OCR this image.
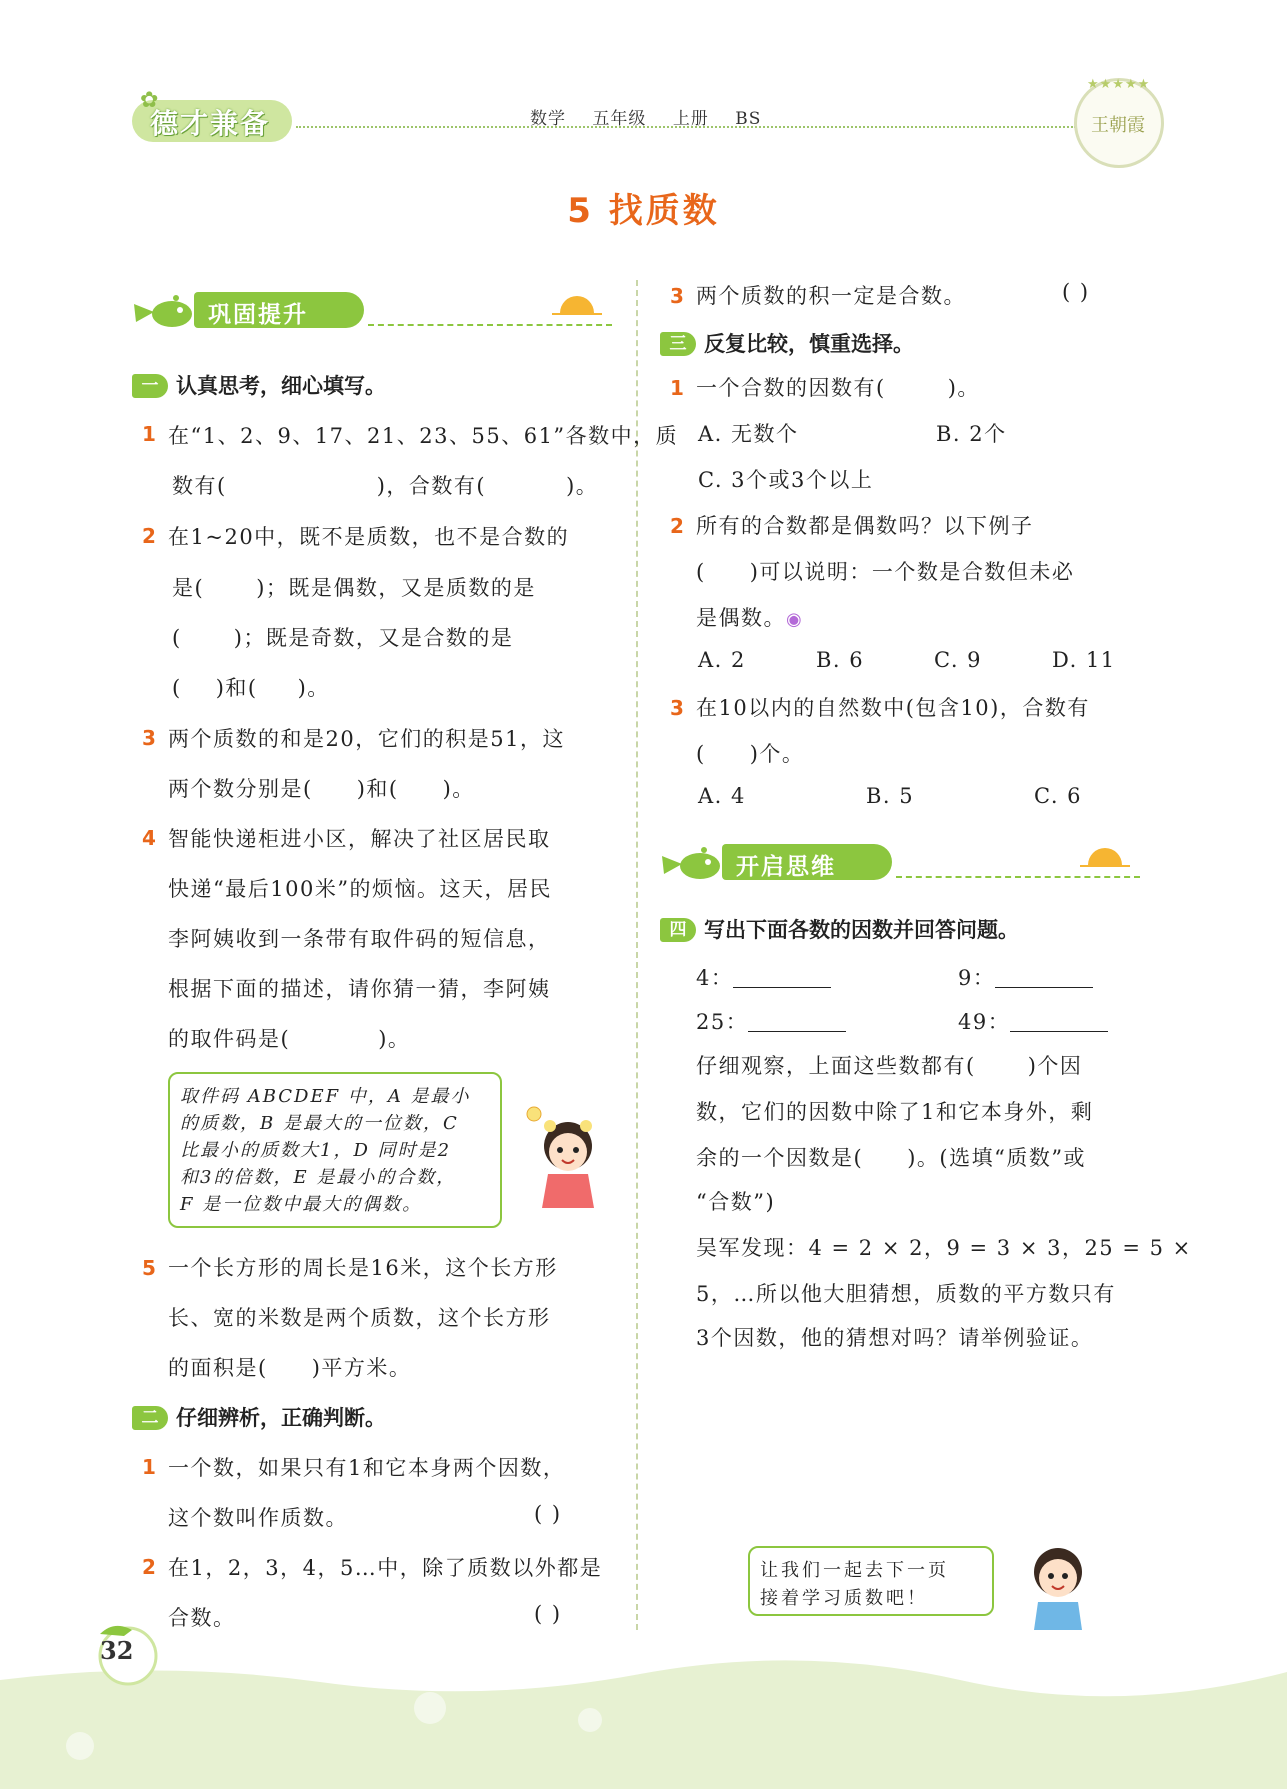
✿
德才兼备	数学 五年级 上册 BS
★★★★★
王朝霞
5 找质数
巩固提升
一 认真思考，细心填写。
1 在“1、2、9、17、21、23、55、61”各数中，质
数有(	)，合数有(	)。
2 在1~20中，既不是质数，也不是合数的
是( )；既是偶数，又是质数的是
( )；既是奇数，又是合数的是
( )和( )。
3 两个质数的和是20，它们的积是51，这
两个数分别是( )和( )。
4 智能快递柜进小区，解决了社区居民取
快递“最后100米”的烦恼。这天，居民
李阿姨收到一条带有取件码的短信息，
根据下面的描述，请你猜一猜，李阿姨
的取件码是(	)。
取件码 ABCDEF 中，A 是最小
的质数，B 是最大的一位数，C
比最小的质数大1，D 同时是2
和3的倍数，E 是最小的合数，
F 是一位数中最大的偶数。
5 一个长方形的周长是16米，这个长方形
长、宽的米数是两个质数，这个长方形
的面积是( )平方米。
二 仔细辨析，正确判断。
1 一个数，如果只有1和它本身两个因数，
这个数叫作质数。	( )
2 在1，2，3，4，5…中，除了质数以外都是
合数。	( )
3 两个质数的积一定是合数。	( )
三 反复比较，慎重选择。
1 一个合数的因数有(	)。
A. 无数个	B. 2个
C. 3个或3个以上
2 所有的合数都是偶数吗？以下例子
( )可以说明：一个数是合数但未必
是偶数。◉
A. 2	B. 6	C. 9	D. 11
3 在10以内的自然数中(包含10)，合数有
( )个。
A. 4	B. 5	C. 6
开启思维
四 写出下面各数的因数并回答问题。
4：	9：
25：	49：
仔细观察，上面这些数都有( )个因
数，它们的因数中除了1和它本身外，剩
余的一个因数是( )。(选填“质数”或
“合数”)
吴军发现：4 = 2 × 2，9 = 3 × 3，25 = 5 ×
5，…所以他大胆猜想，质数的平方数只有
3个因数，他的猜想对吗？请举例验证。
让我们一起去下一页
接着学习质数吧！
32
